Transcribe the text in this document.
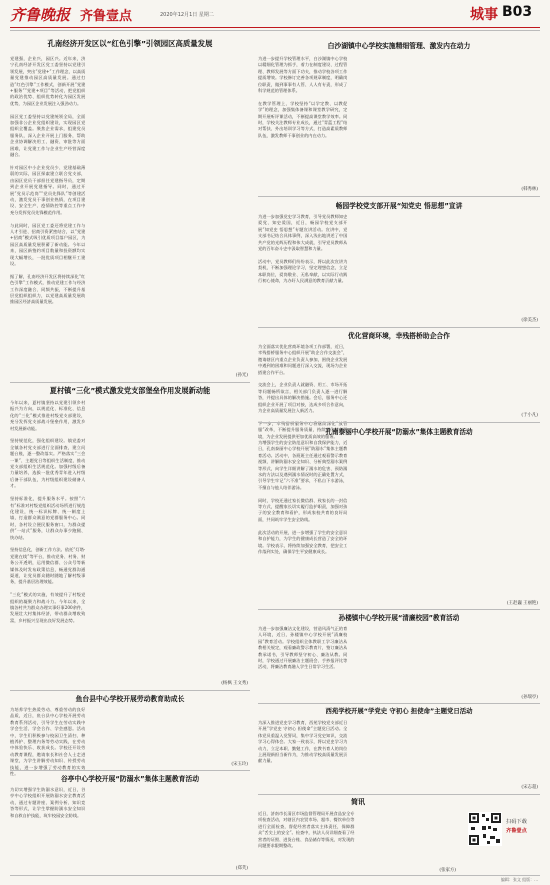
齐鲁晚报 齐鲁壹点	2020年12月1日 星期二	城事 B03
孔南经济开发区以“红色引擎”引领园区高质量发展
党建强，企业兴，园区兴。近年来，济宁孔南经济开发区党工委坚持以党建引领发展，突出“党建+”工作理念，以高质量党建推动园区高质量发展。通过打造“红色引擎”工作模式，创新开展“党建+服务”“党建+项目”等活动，把党组织的政治优势、组织优势转化为园区发展优势，为园区企业发展注入强劲动力。

园区党工委坚持以党建统领全局，全面加强非公企业党组织建设，实现园区党组织全覆盖。聚焦企业需求，组建党员服务队，深入企业开展上门服务，帮助企业协调解决用工、融资、审批等方面困难，让党建工作与企业生产经营深度融合。

针对园区中小企业党员少、党建基础薄弱的实际，园区探索建立联合党支部，由园区党员干部担任党建指导员，定期到企业开展党建指导。同时，通过开展“党员示范岗”“党员先锋队”等创建活动，激发党员干事创业热情，在项目建设、安全生产、疫情防控等重点工作中充分发挥党员先锋模范作用。

与此同时，园区党工委还将党建工作与人才引进、招商引资紧密结合，以“党建+招商”模式吸引优质项目落户园区，为园区高质量发展积蓄了新动能。今年以来，园区新签约项目数量和投资额均实现大幅增长，一批优质项目相继开工建设。

据了解，孔南经济开发区将持续深化“红色引擎”工作模式，推动党建工作与经济工作深度融合、同频共振，不断提升基层党组织组织力，以党建高质量发展助推园区经济高质量发展。
(孙光)
白沙湖镇中心学校实施精细管理、激发内在动力
为进一步提升学校管理水平，白沙湖镇中心学校以精细化管理为抓手，着力在制度建设、过程管理、教师发展等方面下功夫，推动学校各项工作提质增效。学校修订完善各项规章制度，明确岗位职责，做到事事有人管、人人有专责，形成了科学规范的管理体系。

在教学管理上，学校坚持“以学定教、以教促学”的理念，加强集体备课和课堂教学研究，定期开展听评课活动，不断提高课堂教学效率。同时，学校关注教师专业成长，通过“青蓝工程”结对帮扶、外出培训学习等方式，打造高素质教师队伍，激发教师干事创业的内在动力。
(韩秀林)
畅园学校党支部开展“知党史 悟思想”宣讲
为进一步加强党史学习教育，引导党员教师知史爱党、知史爱国，近日，畅园学校党支部开展“知党史 悟思想”专题宣讲活动。宣讲中，党支部书记结合具体事例，深入浅出地讲述了中国共产党的光辉历程和伟大成就，引导党员教师从党的百年奋斗史中汲取智慧和力量。

活动中，党员教师们纷纷表示，将以此次宣讲为契机，不断加强理论学习，坚定理想信念，立足本职岗位，爱岗敬业、无私奉献，以实际行动践行初心使命，为办好人民满意的教育贡献力量。
(徐美杰)
优化营商环境，幸残搭桥助企合作
为全面落实优化营商环境各项工作部署，近日，幸残搭桥服务中心组织开展“助企合作交流会”，邀请辖区内重点企业负责人参加，围绕企业发展中遇到的困难和问题进行深入交流，现场为企业搭建合作平台。

交流会上，企业负责人就融资、用工、市场开拓等问题畅所欲言，相关部门负责人逐一进行解答，并提出具体的解决措施。会后，服务中心还组织企业开展了项目对接，达成多项合作意向，为企业高质量发展注入新活力。

下一步，幸残搭桥服务中心将继续深化“放管服”改革，不断提升服务质量，持续优化营商环境，为企业发展提供更加优质高效的服务。
(于小凡)
夏村镇“三化”模式激发党支部堡垒作用发展新动能
今年以来，夏村镇坚持以党建引领乡村振兴为方向，以规范化、标准化、信息化的“三化”模式推进村级党支部建设，充分发挥党支部战斗堡垒作用，激发乡村发展新动能。

坚持规范化，强化组织建设。镇党委对全镇各村党支部进行全面排查，建立问题台账，逐一整改落实。严格落实“三会一课”、主题党日等组织生活制度，推动党支部组织生活规范化。加强村级后备力量培养，选拔一批优秀青年进入村级后备干部队伍，为村级组织建设储备人才。

坚持标准化，提升服务水平。按照“六有”标准对村级党组织活动场所进行规范化建设，统一标识标牌、统一制度上墙，打造群众满意的党群服务中心。同时，各村设立便民服务窗口，为群众提供“一站式”服务，让群众办事少跑腿、快办结。

坚持信息化，创新工作方法。依托“灯塔-党建在线”等平台，推动党务、村务、财务公开透明，运用微信群、公众号等新媒体及时发布政策信息，畅通党群沟通渠道，让党员群众随时随地了解村级事务，提升基层治理效能。

“三化”模式的实施，有效提升了村级党组织的凝聚力和战斗力。今年以来，全镇各村共为群众办理实事好事200余件，发展壮大村集体经济，带动群众增收致富，乡村振兴呈现出良好发展态势。
(杨枫 王文秀)
孔南泰丽中心学校开展“防溺水”集体主题教育活动
为增强学生的安全防范意识和自我保护能力，近日，孔南泰丽中心学校开展“防溺水”集体主题教育活动。活动中，各班班主任通过观看警示教育视频、讲解防溺水安全知识、分析典型溺水案例等形式，向学生详细讲解了溺水的危害、预防溺水的方法以及遇到溺水情况时的正确处置方式，引导学生牢记“六不准”要求，不私自下水游泳，不擅自与他人结伴游泳。

同时，学校还通过家长微信群、致家长的一封信等方式，提醒家长切实履行监护职责，加强对孩子的安全教育和看护，形成家校共育的良好局面，共同筑牢学生安全防线。

此次活动的开展，进一步增强了学生的安全意识和自护能力，为学生的健康成长营造了安全的环境。学校表示，将持续加强安全教育，把安全工作落到实处，确保学生平安健康成长。
(王赵巍 王丽艳)
孙楼镇中心学校开展“清廉校园”教育活动
为进一步加强廉洁文化建设，营造风清气正的育人环境，近日，孙楼镇中心学校开展“清廉校园”教育活动。学校组织全体教职工学习廉洁从教相关规定，观看廉政警示教育片，签订廉洁从教承诺书，引导教师坚守初心、廉洁从教。同时，学校通过开展廉洁主题班会、手抄报评比等活动，将廉洁教育融入学生日常学习生活。
(孙瑞亭)
鱼台县中心学校开展劳动教育助成长
为培养学生热爱劳动、尊重劳动的良好品质，近日，鱼台县中心学校开展劳动教育系列活动，引导学生在劳动实践中学会生活、学会合作、学会感恩。活动中，学生们积极参与校园卫生清扫、种植养护、整理内务等劳动实践，在劳动中体验快乐、收获成长。学校还开设劳动教育课程，邀请家长和社会人士走进课堂，为学生讲解劳动知识、传授劳动技能，进一步增强了劳动教育的实效性。
(宋玉玲)
西苑学校开展“学党史 守初心 担使命”主题党日活动
为深入推进党史学习教育，西苑学校党支部近日开展“学党史 守初心 担使命”主题党日活动。全体党员重温入党誓词，集中学习党史知识，交流学习心得体会。大家一致表示，将以党史学习为动力，立足本职、勤勉工作，在教书育人的岗位上展现新担当新作为，为推动学校高质量发展贡献力量。
(宋志超)
谷亭中心学校开展“防溺水”集体主题教育活动
为切实增强学生防溺水意识，近日，谷亭中心学校组织开展防溺水安全教育活动，通过专题讲座、案例分析、知识竞答等形式，让学生掌握防溺水安全知识和自救自护技能，筑牢校园安全防线。
(郑芙)
简讯
近日，济南市长清区市场监督管理局开展食品安全专项检查活动，对辖区内农贸市场、超市、餐饮单位等进行全面检查，督促经营者落实主体责任，保障群众“舌尖上的安全”。检查中，执法人员详细查看了经营者的证照、进货台账、食品储存等情况，对发现的问题要求限期整改。
(张家方)
扫码下载
齐鲁壹点
编辑：张文 组版：...
